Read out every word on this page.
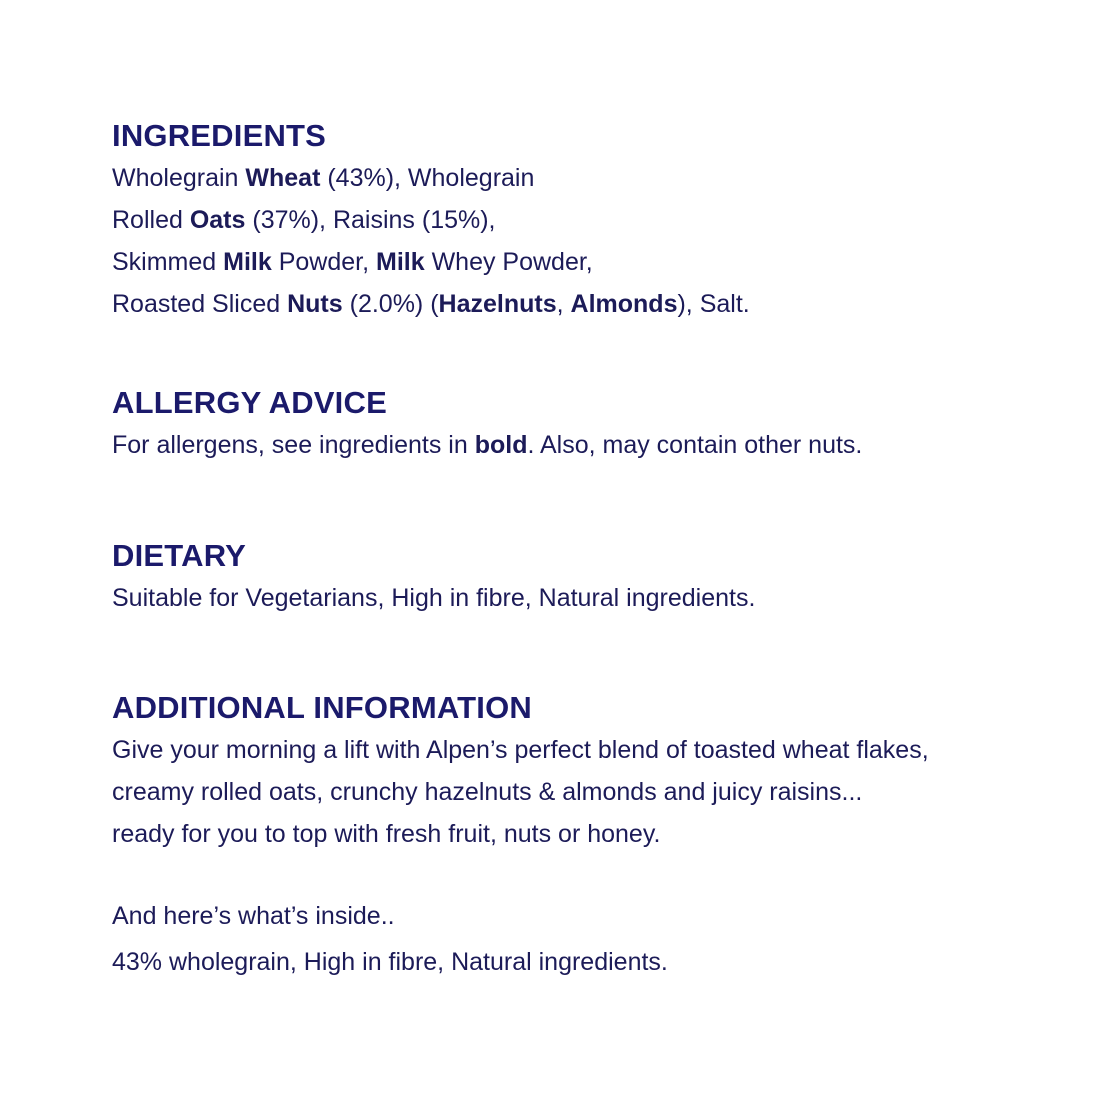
INGREDIENTS

Wholegrain Wheat (43%), Wholegrain

Rolled Oats (37%), Raisins (15%),

Skimmed Milk Powder, Milk Whey Powder,

Roasted Sliced Nuts (2.0%) (Hazelnuts, Almonds), Salt.

ALLERGY ADVICE

For allergens, see ingredients in bold. Also, may contain other nuts.

DIETARY

Suitable for Vegetarians, High in fibre, Natural ingredients.

ADDITIONAL INFORMATION

Give your morning a lift with Alpen’s perfect blend of toasted wheat flakes,

creamy rolled oats, crunchy hazelnuts & almonds and juicy raisins...

ready for you to top with fresh fruit, nuts or honey.

And here’s what’s inside..

43% wholegrain, High in fibre, Natural ingredients.
